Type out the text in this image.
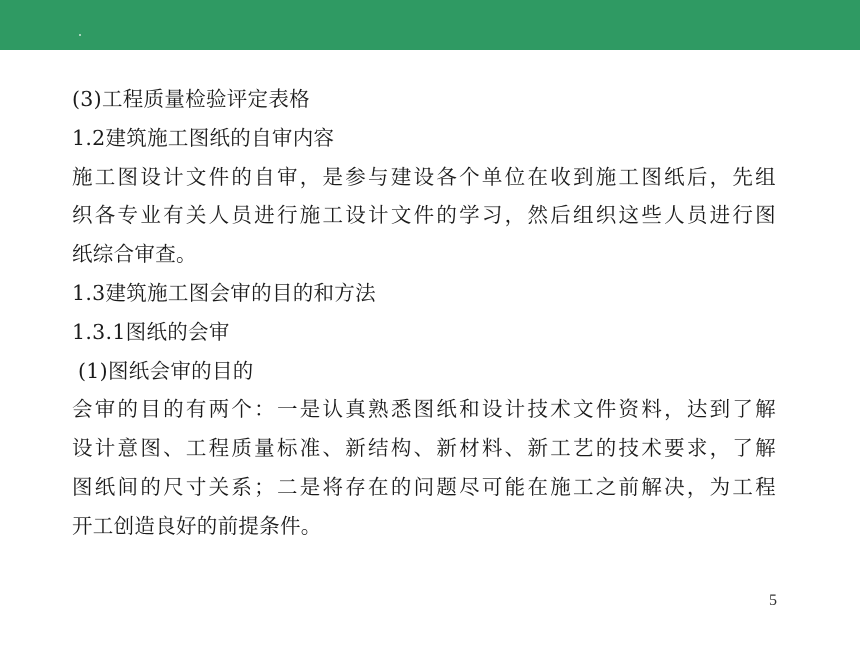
(3)工程质量检验评定表格
1.2建筑施工图纸的自审内容
施工图设计文件的自审，是参与建设各个单位在收到施工图纸后，先组
织各专业有关人员进行施工设计文件的学习，然后组织这些人员进行图
纸综合审查。
1.3建筑施工图会审的目的和方法
1.3.1图纸的会审
(1)图纸会审的目的
会审的目的有两个：一是认真熟悉图纸和设计技术文件资料，达到了解
设计意图、工程质量标准、新结构、新材料、新工艺的技术要求，了解
图纸间的尺寸关系；二是将存在的问题尽可能在施工之前解决，为工程
开工创造良好的前提条件。
5
